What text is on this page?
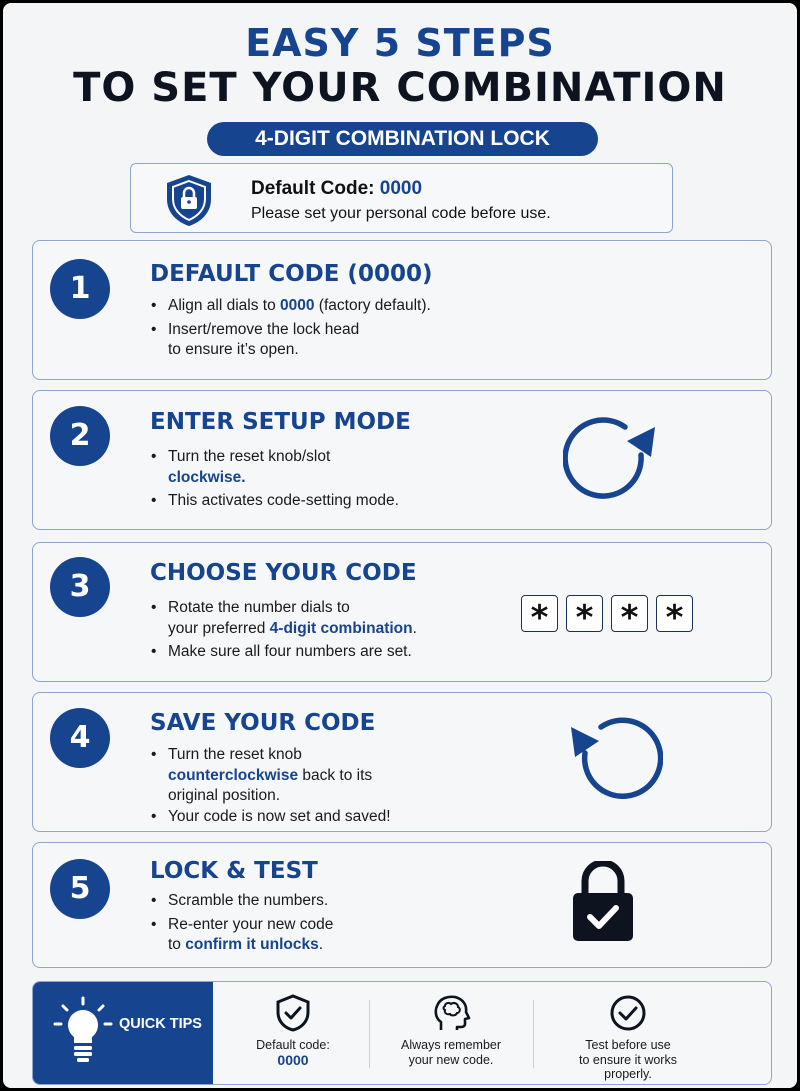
EASY 5 STEPS
TO SET YOUR COMBINATION
4-DIGIT COMBINATION LOCK
Default Code: 0000
Please set your personal code before use.
1	DEFAULT CODE (0000)
• Align all dials to 0000 (factory default).
• Insert/remove the lock head
to ensure it’s open.
2	ENTER SETUP MODE
• Turn the reset knob/slot
clockwise.
• This activates code-setting mode.
3	CHOOSE YOUR CODE
• Rotate the number dials to
your preferred 4-digit combination.
• Make sure all four numbers are set.
* * * *
4	SAVE YOUR CODE
• Turn the reset knob
counterclockwise back to its
original position.
• Your code is now set and saved!
5	LOCK & TEST
• Scramble the numbers.
• Re-enter your new code
to confirm it unlocks.
QUICK TIPS
Default code:
0000
Always remember
your new code.
Test before use
to ensure it works
properly.
